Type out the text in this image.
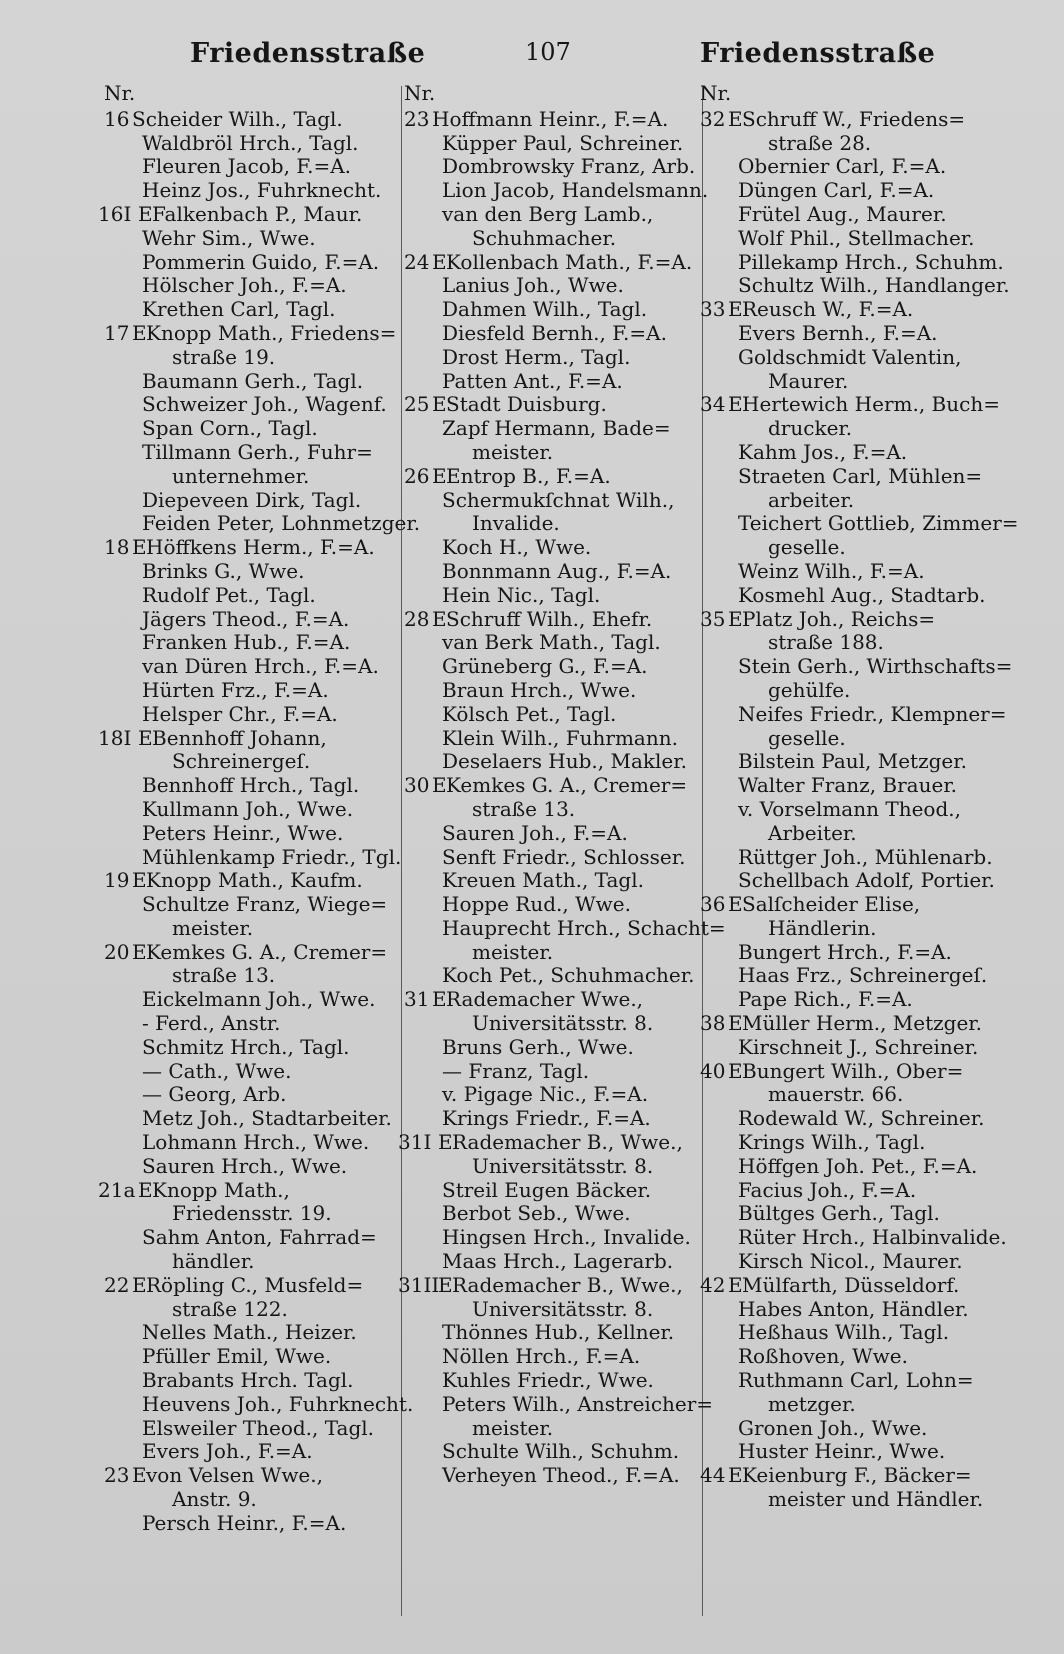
Friedensstraße	107	Friedensstraße
Nr.
16 Scheider Wilh., Tagl.
Waldbröl Hrch., Tagl.
Fleuren Jacob, F.=A.
Heinz Jos., Fuhrknecht.
16I EFalkenbach P., Maur.
Wehr Sim., Wwe.
Pommerin Guido, F.=A.
Hölscher Joh., F.=A.
Krethen Carl, Tagl.
17 EKnopp Math., Friedens=
straße 19.
Baumann Gerh., Tagl.
Schweizer Joh., Wagenf.
Span Corn., Tagl.
Tillmann Gerh., Fuhr=
unternehmer.
Diepeveen Dirk, Tagl.
Feiden Peter, Lohnmetzger.
18 EHöffkens Herm., F.=A.
Brinks G., Wwe.
Rudolf Pet., Tagl.
Jägers Theod., F.=A.
Franken Hub., F.=A.
van Düren Hrch., F.=A.
Hürten Frz., F.=A.
Helsper Chr., F.=A.
18I EBennhoff Johann,
Schreinergeſ.
Bennhoff Hrch., Tagl.
Kullmann Joh., Wwe.
Peters Heinr., Wwe.
Mühlenkamp Friedr., Tgl.
19 EKnopp Math., Kaufm.
Schultze Franz, Wiege=
meister.
20 EKemkes G. A., Cremer=
straße 13.
Eickelmann Joh., Wwe.
- Ferd., Anstr.
Schmitz Hrch., Tagl.
— Cath., Wwe.
— Georg, Arb.
Metz Joh., Stadtarbeiter.
Lohmann Hrch., Wwe.
Sauren Hrch., Wwe.
21a EKnopp Math.,
Friedensstr. 19.
Sahm Anton, Fahrrad=
händler.
22 ERöpling C., Musfeld=
straße 122.
Nelles Math., Heizer.
Pfüller Emil, Wwe.
Brabants Hrch. Tagl.
Heuvens Joh., Fuhrknecht.
Elsweiler Theod., Tagl.
Evers Joh., F.=A.
23 Evon Velsen Wwe.,
Anstr. 9.
Persch Heinr., F.=A.
Nr.
23 Hoffmann Heinr., F.=A.
Küpper Paul, Schreiner.
Dombrowsky Franz, Arb.
Lion Jacob, Handelsmann.
van den Berg Lamb.,
Schuhmacher.
24 EKollenbach Math., F.=A.
Lanius Joh., Wwe.
Dahmen Wilh., Tagl.
Diesfeld Bernh., F.=A.
Drost Herm., Tagl.
Patten Ant., F.=A.
25 EStadt Duisburg.
Zapf Hermann, Bade=
meister.
26 EEntrop B., F.=A.
Schermukſchnat Wilh.,
Invalide.
Koch H., Wwe.
Bonnmann Aug., F.=A.
Hein Nic., Tagl.
28 ESchruff Wilh., Ehefr.
van Berk Math., Tagl.
Grüneberg G., F.=A.
Braun Hrch., Wwe.
Kölsch Pet., Tagl.
Klein Wilh., Fuhrmann.
Deselaers Hub., Makler.
30 EKemkes G. A., Cremer=
straße 13.
Sauren Joh., F.=A.
Senft Friedr., Schlosser.
Kreuen Math., Tagl.
Hoppe Rud., Wwe.
Hauprecht Hrch., Schacht=
meister.
Koch Pet., Schuhmacher.
31 ERademacher Wwe.,
Universitätsstr. 8.
Bruns Gerh., Wwe.
— Franz, Tagl.
v. Pigage Nic., F.=A.
Krings Friedr., F.=A.
31I ERademacher B., Wwe.,
Universitätsstr. 8.
Streil Eugen Bäcker.
Berbot Seb., Wwe.
Hingsen Hrch., Invalide.
Maas Hrch., Lagerarb.
31IIERademacher B., Wwe.,
Universitätsstr. 8.
Thönnes Hub., Kellner.
Nöllen Hrch., F.=A.
Kuhles Friedr., Wwe.
Peters Wilh., Anstreicher=
meister.
Schulte Wilh., Schuhm.
Verheyen Theod., F.=A.
Nr.
32 ESchruff W., Friedens=
straße 28.
Obernier Carl, F.=A.
Düngen Carl, F.=A.
Frütel Aug., Maurer.
Wolf Phil., Stellmacher.
Pillekamp Hrch., Schuhm.
Schultz Wilh., Handlanger.
33 EReusch W., F.=A.
Evers Bernh., F.=A.
Goldschmidt Valentin,
Maurer.
34 EHertewich Herm., Buch=
drucker.
Kahm Jos., F.=A.
Straeten Carl, Mühlen=
arbeiter.
Teichert Gottlieb, Zimmer=
geselle.
Weinz Wilh., F.=A.
Kosmehl Aug., Stadtarb.
35 EPlatz Joh., Reichs=
straße 188.
Stein Gerh., Wirthschafts=
gehülfe.
Neifes Friedr., Klempner=
geselle.
Bilstein Paul, Metzger.
Walter Franz, Brauer.
v. Vorselmann Theod.,
Arbeiter.
Rüttger Joh., Mühlenarb.
Schellbach Adolf, Portier.
36 ESalſcheider Elise,
Händlerin.
Bungert Hrch., F.=A.
Haas Frz., Schreinergeſ.
Pape Rich., F.=A.
38 EMüller Herm., Metzger.
Kirschneit J., Schreiner.
40 EBungert Wilh., Ober=
mauerstr. 66.
Rodewald W., Schreiner.
Krings Wilh., Tagl.
Höffgen Joh. Pet., F.=A.
Facius Joh., F.=A.
Bültges Gerh., Tagl.
Rüter Hrch., Halbinvalide.
Kirsch Nicol., Maurer.
42 EMülfarth, Düsseldorf.
Habes Anton, Händler.
Heßhaus Wilh., Tagl.
Roßhoven, Wwe.
Ruthmann Carl, Lohn=
metzger.
Gronen Joh., Wwe.
Huster Heinr., Wwe.
44 EKeienburg F., Bäcker=
meister und Händler.
